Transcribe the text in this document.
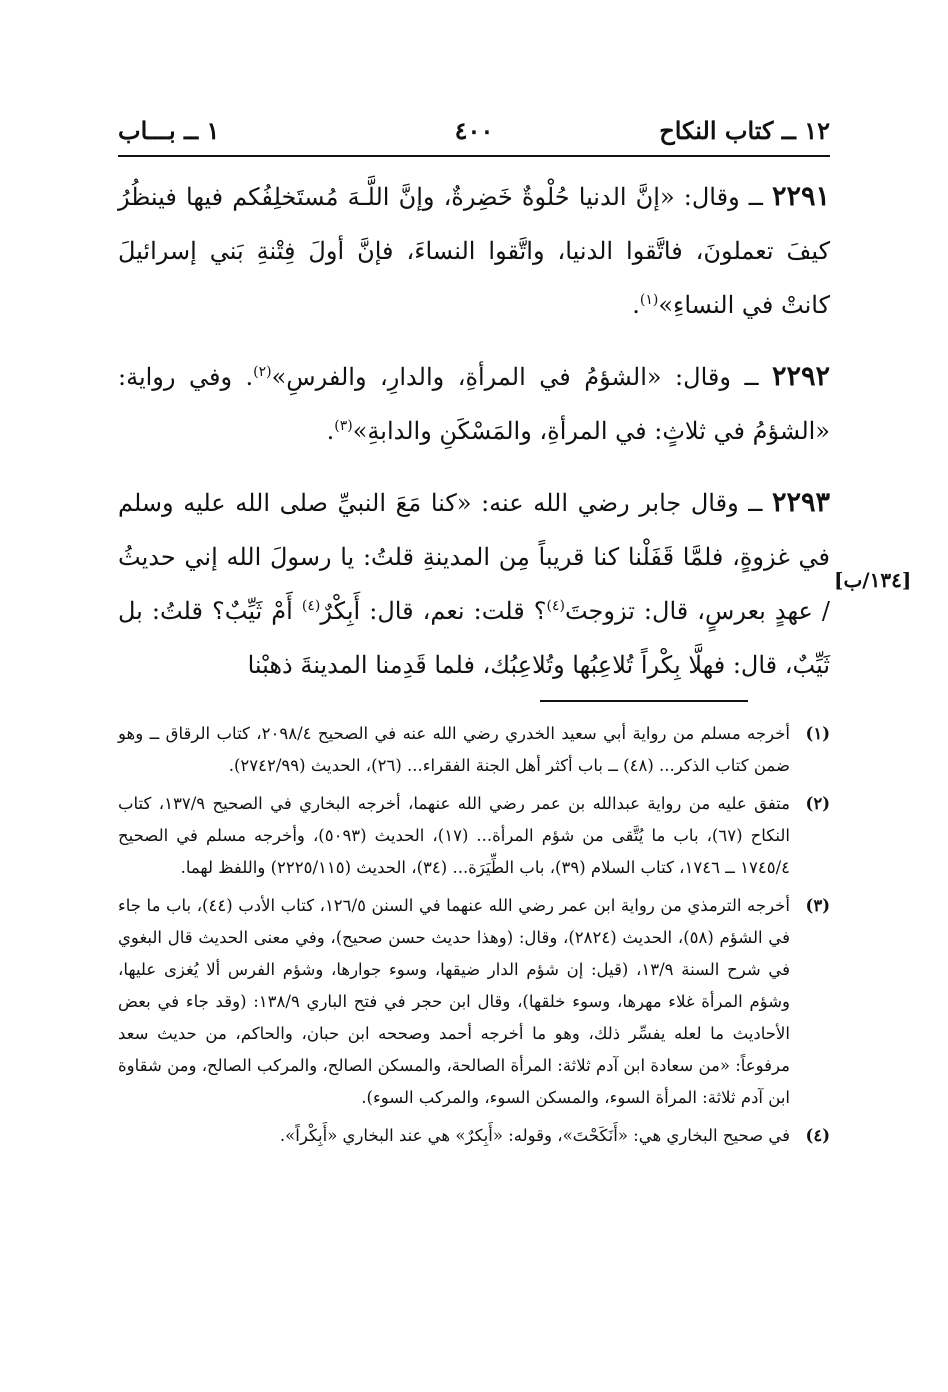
١٢ ــ كتاب النكاح
٤٠٠
١ ــ بـــاب

٢٢٩١ ــ وقال: «إنَّ الدنيا حُلْوةٌ خَضِرةٌ، وإنَّ اللَّـهَ مُستَخلِفُكم فيها فينظُرُ كيفَ تعملونَ، فاتَّقوا الدنيا، واتَّقوا النساءَ، فإنَّ أولَ فِتْنةِ بَني إسرائيلَ كانتْ في النساءِ»$^{(١)}$.

٢٢٩٢ ــ وقال: «الشؤمُ في المرأةِ، والدارِ، والفرسِ»$^{(٢)}$. وفي رواية: «الشؤمُ في ثلاثٍ: في المرأةِ، والمَسْكَنِ والدابةِ»$^{(٣)}$.

٢٢٩٣ ــ وقال جابر رضي الله عنه: «كنا مَعَ النبيِّ صلى الله عليه وسلم في غزوةٍ، فلمَّا قَفَلْنا كنا قريباً مِن المدينةِ قلتُ: يا رسولَ الله إني حديثُ / عهدٍ بعرسٍ، قال: تزوجتَ$^{(٤)}$؟ قلت: نعم، قال: أَبِكْرٌ$^{(٤)}$ أَمْ ثَيِّبٌ؟ قلتُ: بل ثَيِّبٌ، قال: فهلَّا بِكْراً تُلاعِبُها وتُلاعِبُك، فلما قَدِمنا المدينةَ ذهبْنا

[١٣٤/ب]
(١)
أخرجه مسلم من رواية أبي سعيد الخدري رضي الله عنه في الصحيح ٢٠٩٨/٤، كتاب الرقاق ــ وهو ضمن كتاب الذكر... (٤٨) ــ باب أكثر أهل الجنة الفقراء... (٢٦)، الحديث (٢٧٤٢/٩٩).
(٢)
متفق عليه من رواية عبدالله بن عمر رضي الله عنهما، أخرجه البخاري في الصحيح ١٣٧/٩، كتاب النكاح (٦٧)، باب ما يُتَّقى من شؤم المرأة... (١٧)، الحديث (٥٠٩٣)، وأخرجه مسلم في الصحيح ١٧٤٥/٤ ــ ١٧٤٦، كتاب السلام (٣٩)، باب الطِّيَرَة... (٣٤)، الحديث (٢٢٢٥/١١٥) واللفظ لهما.
(٣)
أخرجه الترمذي من رواية ابن عمر رضي الله عنهما في السنن ١٢٦/٥، كتاب الأدب (٤٤)، باب ما جاء في الشؤم (٥٨)، الحديث (٢٨٢٤)، وقال: (وهذا حديث حسن صحيح)، وفي معنى الحديث قال البغوي في شرح السنة ١٣/٩، (قيل: إن شؤم الدار ضيقها، وسوء جوارها، وشؤم الفرس ألا يُغزى عليها، وشؤم المرأة غلاء مهرها، وسوء خلقها)، وقال ابن حجر في فتح الباري ١٣٨/٩: (وقد جاء في بعض الأحاديث ما لعله يفسِّر ذلك، وهو ما أخرجه أحمد وصححه ابن حبان، والحاكم، من حديث سعد مرفوعاً: «من سعادة ابن آدم ثلاثة: المرأة الصالحة، والمسكن الصالح، والمركب الصالح، ومن شقاوة ابن آدم ثلاثة: المرأة السوء، والمسكن السوء، والمركب السوء).
(٤)
في صحيح البخاري هي: «أَنَكَحْتَ»، وقوله: «أَبِكرٌ» هي عند البخاري «أَبِكْراً».
